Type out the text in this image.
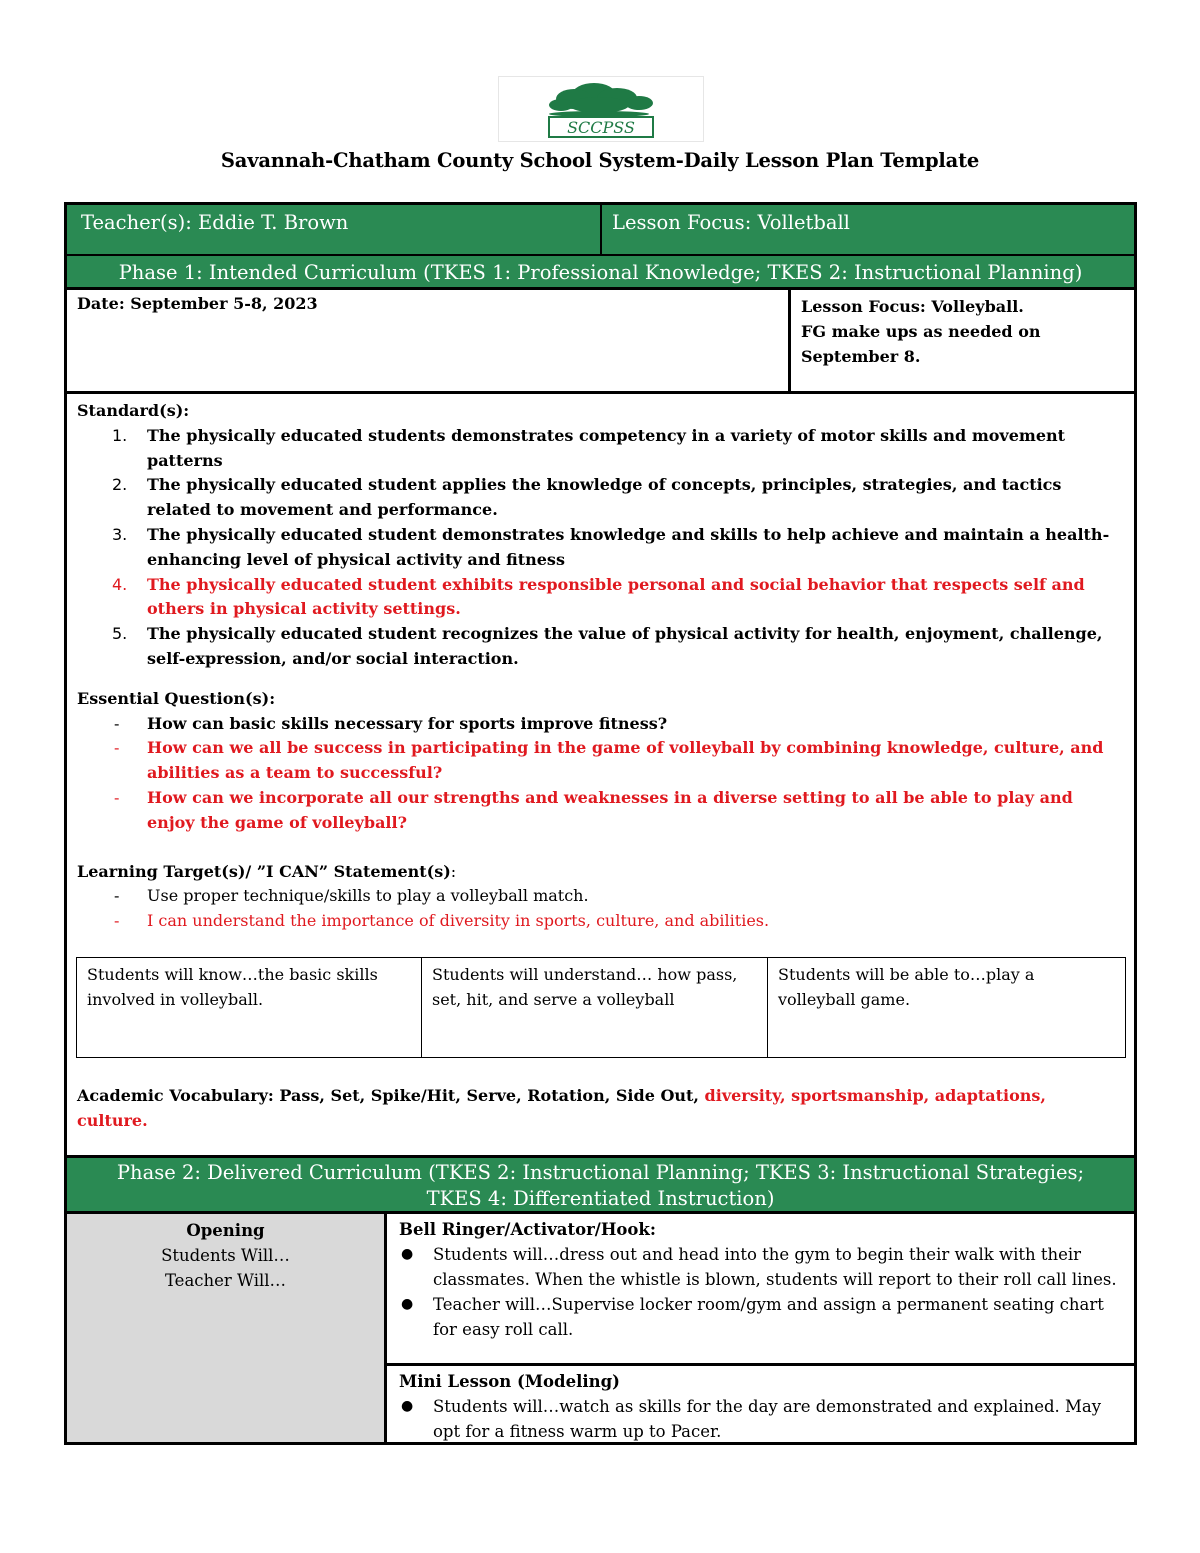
SCCPSS
Savannah-Chatham County School System-Daily Lesson Plan Template
Teacher(s): Eddie T. Brown	Lesson Focus: Volletball
Phase 1: Intended Curriculum (TKES 1: Professional Knowledge; TKES 2: Instructional Planning)
Date: September 5-8, 2023	Lesson Focus: Volleyball.
FG make ups as needed on
September 8.
Standard(s):
1. The physically educated students demonstrates competency in a variety of motor skills and movement patterns
2. The physically educated student applies the knowledge of concepts, principles, strategies, and tactics related to movement and performance.
3. The physically educated student demonstrates knowledge and skills to help achieve and maintain a health-enhancing level of physical activity and fitness
4. The physically educated student exhibits responsible personal and social behavior that respects self and others in physical activity settings.
5. The physically educated student recognizes the value of physical activity for health, enjoyment, challenge, self-expression, and/or social interaction.
Essential Question(s):
- How can basic skills necessary for sports improve fitness?
- How can we all be success in participating in the game of volleyball by combining knowledge, culture, and abilities as a team to successful?
- How can we incorporate all our strengths and weaknesses in a diverse setting to all be able to play and enjoy the game of volleyball?
Learning Target(s)/ ”I CAN” Statement(s):
- Use proper technique/skills to play a volleyball match.
- I can understand the importance of diversity in sports, culture, and abilities.
Students will know…the basic skills involved in volleyball.
Students will understand… how pass, set, hit, and serve a volleyball
Students will be able to…play a volleyball game.
Academic Vocabulary: Pass, Set, Spike/Hit, Serve, Rotation, Side Out, diversity, sportsmanship, adaptations, culture.
Phase 2: Delivered Curriculum (TKES 2: Instructional Planning; TKES 3: Instructional Strategies;
TKES 4: Differentiated Instruction)
Opening
Students Will…
Teacher Will…
Bell Ringer/Activator/Hook:
● Students will…dress out and head into the gym to begin their walk with their classmates. When the whistle is blown, students will report to their roll call lines.
● Teacher will…Supervise locker room/gym and assign a permanent seating chart for easy roll call.
Mini Lesson (Modeling)
● Students will…watch as skills for the day are demonstrated and explained. May opt for a fitness warm up to Pacer.
